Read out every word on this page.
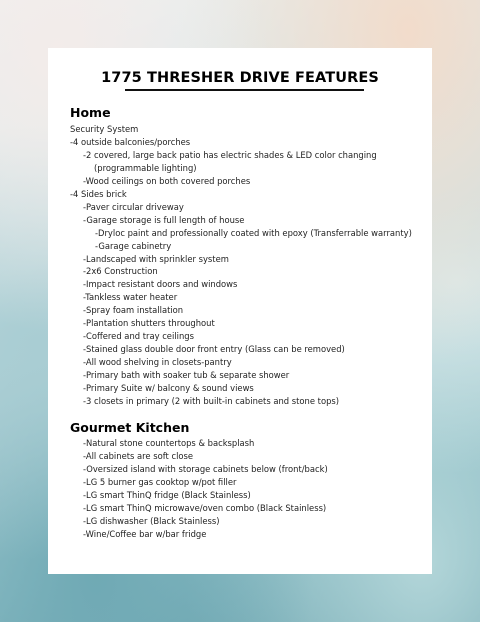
1775 THRESHER DRIVE FEATURES
Home
Security System
-4 outside balconies/porches
-2 covered, large back patio has electric shades & LED color changing
(programmable lighting)
-Wood ceilings on both covered porches
-4 Sides brick
-Paver circular driveway
-Garage storage is full length of house
-Dryloc paint and professionally coated with epoxy (Transferrable warranty)
-Garage cabinetry
-Landscaped with sprinkler system
-2x6 Construction
-Impact resistant doors and windows
-Tankless water heater
-Spray foam installation
-Plantation shutters throughout
-Coffered and tray ceilings
-Stained glass double door front entry (Glass can be removed)
-All wood shelving in closets-pantry
-Primary bath with soaker tub & separate shower
-Primary Suite w/ balcony & sound views
-3 closets in primary (2 with built-in cabinets and stone tops)
Gourmet Kitchen
-Natural stone countertops & backsplash
-All cabinets are soft close
-Oversized island with storage cabinets below (front/back)
-LG 5 burner gas cooktop w/pot filler
-LG smart ThinQ fridge (Black Stainless)
-LG smart ThinQ microwave/oven combo (Black Stainless)
-LG dishwasher (Black Stainless)
-Wine/Coffee bar w/bar fridge
